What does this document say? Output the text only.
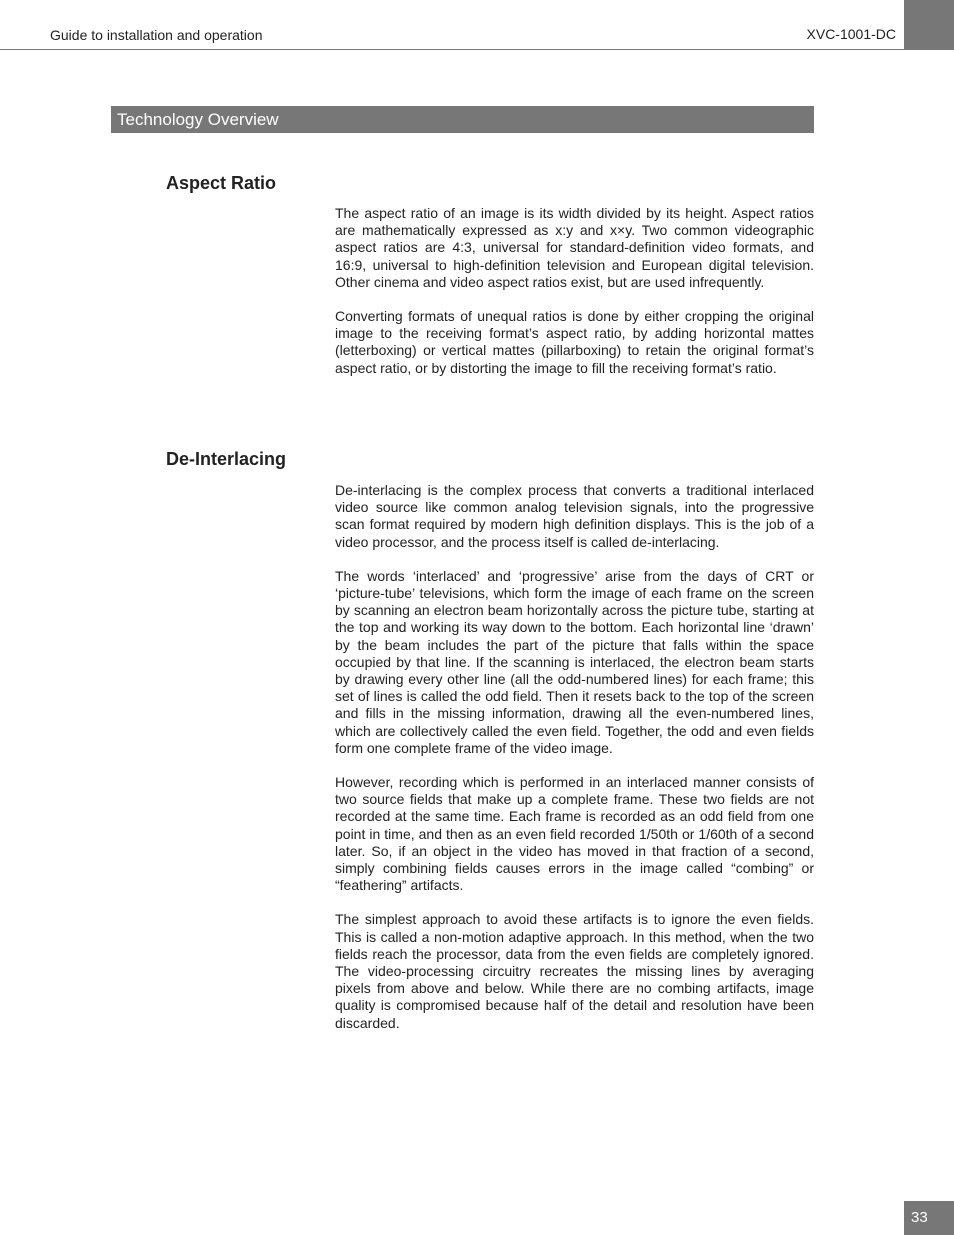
Guide to installation and operation	XVC-1001-DC
Technology Overview
Aspect Ratio

The aspect ratio of an image is its width divided by its height. Aspect ratios are mathematically expressed as x:y and x×y. Two common videographic aspect ratios are 4:3, universal for standard-definition video formats, and 16:9, universal to high-definition television and European digital television. Other cinema and video aspect ratios exist, but are used infrequently.

Converting formats of unequal ratios is done by either cropping the original image to the receiving format’s aspect ratio, by adding horizontal mattes (letterboxing) or vertical mattes (pillarboxing) to retain the original format’s aspect ratio, or by distorting the image to fill the receiving format’s ratio.

De-Interlacing

De-interlacing is the complex process that converts a traditional interlaced video source like common analog television signals, into the progressive scan format required by modern high definition displays. This is the job of a video processor, and the process itself is called de-interlacing.

The words ‘interlaced’ and ‘progressive’ arise from the days of CRT or ‘picture-tube’ televisions, which form the image of each frame on the screen by scanning an electron beam horizontally across the picture tube, starting at the top and working its way down to the bottom. Each horizontal line ‘drawn’ by the beam includes the part of the picture that falls within the space occupied by that line. If the scanning is interlaced, the electron beam starts by drawing every other line (all the odd-numbered lines) for each frame; this set of lines is called the odd field. Then it resets back to the top of the screen and fills in the missing information, drawing all the even-numbered lines, which are collectively called the even field. Together, the odd and even fields form one complete frame of the video image.

However, recording which is performed in an interlaced manner consists of two source fields that make up a complete frame. These two fields are not recorded at the same time. Each frame is recorded as an odd field from one point in time, and then as an even field recorded 1/50th or 1/60th of a second later. So, if an object in the video has moved in that fraction of a second, simply combining fields causes errors in the image called “combing” or “feathering” artifacts.

The simplest approach to avoid these artifacts is to ignore the even fields. This is called a non-motion adaptive approach. In this method, when the two fields reach the processor, data from the even fields are completely ignored. The video-processing circuitry recreates the missing lines by averaging pixels from above and below. While there are no combing artifacts, image quality is compromised because half of the detail and resolution have been discarded.

33
